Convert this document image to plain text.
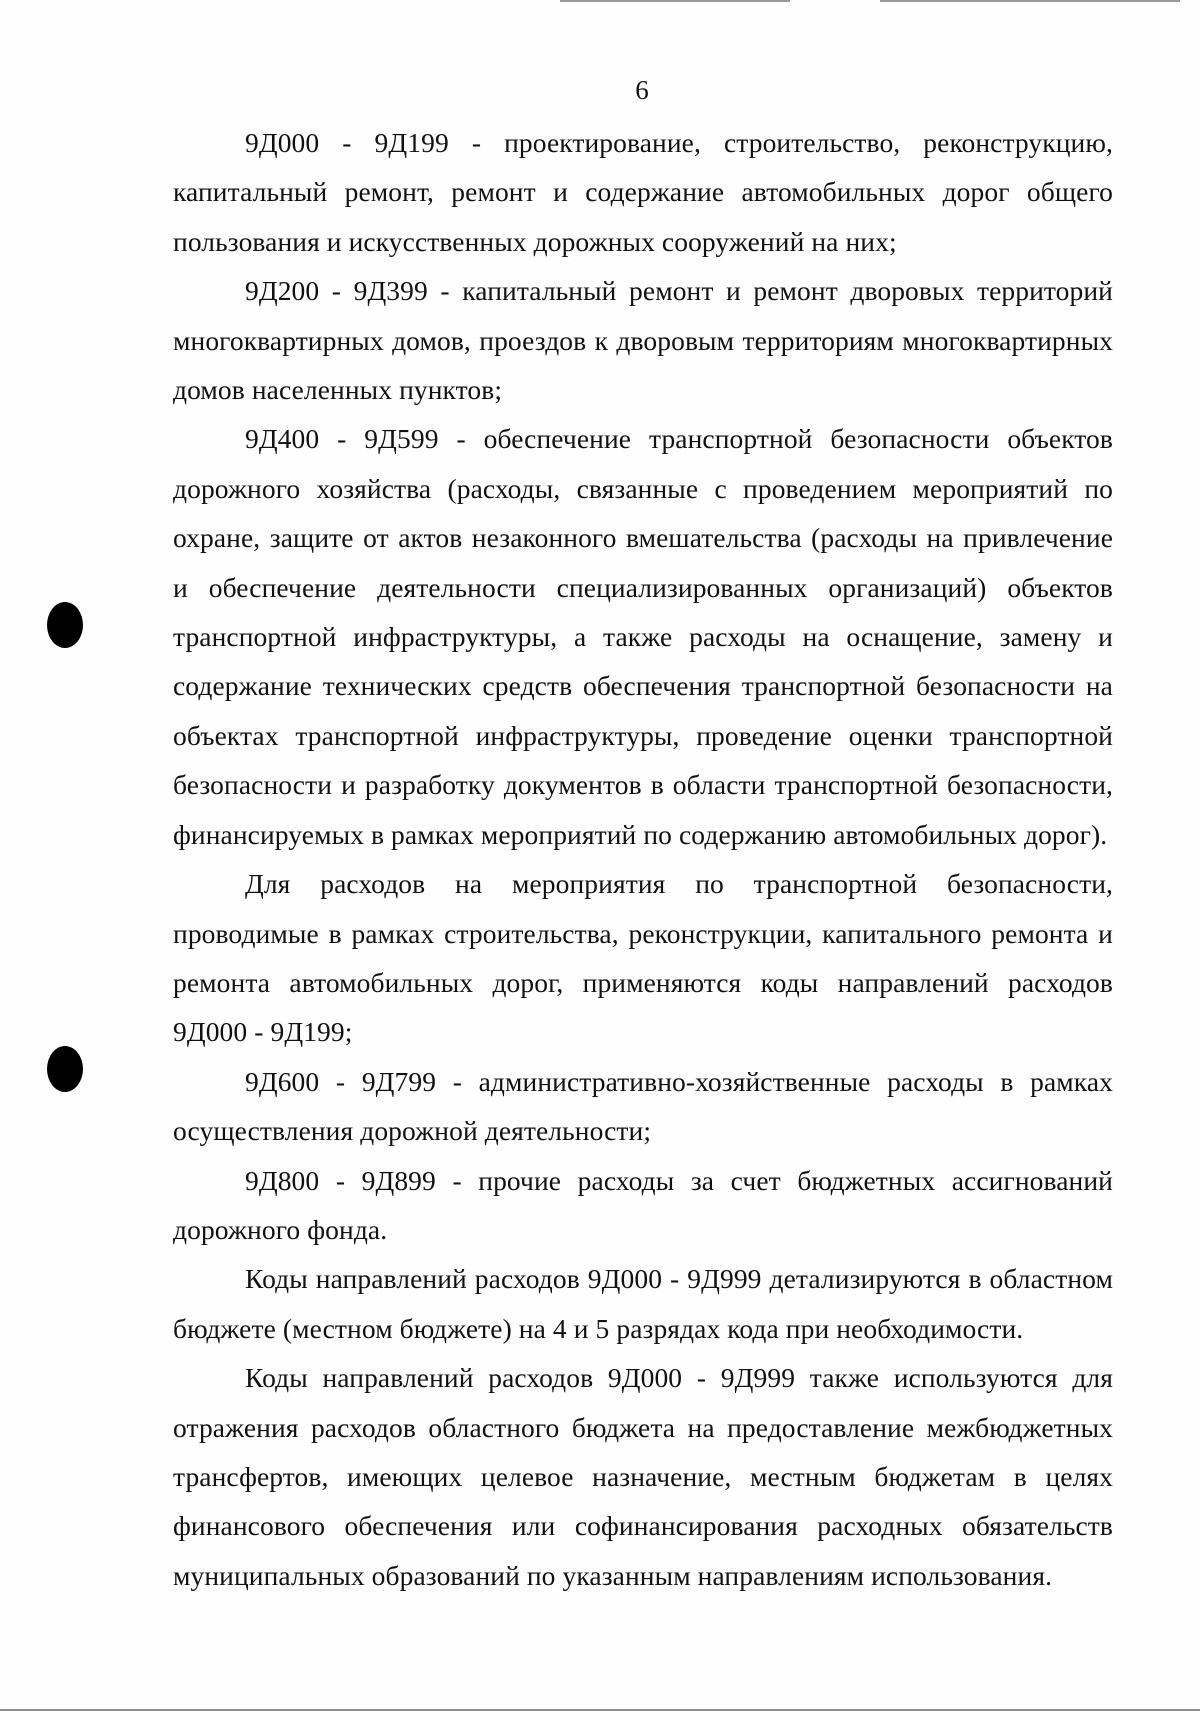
6

9Д000 - 9Д199 - проектирование, строительство, реконструкцию, капитальный ремонт, ремонт и содержание автомобильных дорог общего пользования и искусственных дорожных сооружений на них;

9Д200 - 9Д399 - капитальный ремонт и ремонт дворовых территорий многоквартирных домов, проездов к дворовым территориям многоквартирных домов населенных пунктов;

9Д400 - 9Д599 - обеспечение транспортной безопасности объектов дорожного хозяйства (расходы, связанные с проведением мероприятий по охране, защите от актов незаконного вмешательства (расходы на привлечение и обеспечение деятельности специализированных организаций) объектов транспортной инфраструктуры, а также расходы на оснащение, замену и содержание технических средств обеспечения транспортной безопасности на объектах транспортной инфраструктуры, проведение оценки транспортной безопасности и разработку документов в области транспортной безопасности, финансируемых в рамках мероприятий по содержанию автомобильных дорог).

Для расходов на мероприятия по транспортной безопасности, проводимые в рамках строительства, реконструкции, капитального ремонта и ремонта автомобильных дорог, применяются коды направлений расходов 9Д000 - 9Д199;

9Д600 - 9Д799 - административно-хозяйственные расходы в рамках осуществления дорожной деятельности;

9Д800 - 9Д899 - прочие расходы за счет бюджетных ассигнований дорожного фонда.

Коды направлений расходов 9Д000 - 9Д999 детализируются в областном бюджете (местном бюджете) на 4 и 5 разрядах кода при необходимости.

Коды направлений расходов 9Д000 - 9Д999 также используются для отражения расходов областного бюджета на предоставление межбюджетных трансфертов, имеющих целевое назначение, местным бюджетам в целях финансового обеспечения или софинансирования расходных обязательств муниципальных образований по указанным направлениям использования.
